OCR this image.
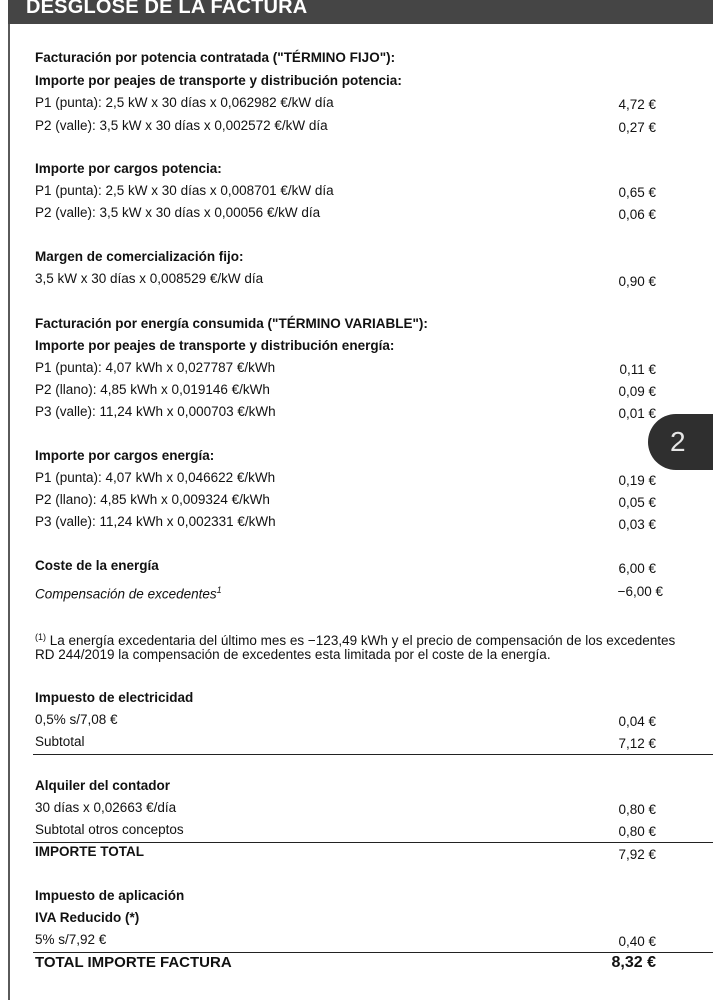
DESGLOSE DE LA FACTURA
Facturación por potencia contratada ("TÉRMINO FIJO"):
Importe por peajes de transporte y distribución potencia:
P1 (punta): 2,5 kW x 30 días x 0,062982 €/kW día	4,72 €
P2 (valle): 3,5 kW x 30 días x 0,002572 €/kW día	0,27 €
Importe por cargos potencia:
P1 (punta): 2,5 kW x 30 días x 0,008701 €/kW día	0,65 €
P2 (valle): 3,5 kW x 30 días x 0,00056 €/kW día	0,06 €
Margen de comercialización fijo:
3,5 kW x 30 días x 0,008529 €/kW día	0,90 €
Facturación por energía consumida ("TÉRMINO VARIABLE"):
Importe por peajes de transporte y distribución energía:
P1 (punta): 4,07 kWh x 0,027787 €/kWh	0,11 €
P2 (llano): 4,85 kWh x 0,019146 €/kWh	0,09 €
P3 (valle): 11,24 kWh x 0,000703 €/kWh	0,01 €
Importe por cargos energía:
P1 (punta): 4,07 kWh x 0,046622 €/kWh	0,19 €
P2 (llano): 4,85 kWh x 0,009324 €/kWh	0,05 €
P3 (valle): 11,24 kWh x 0,002331 €/kWh	0,03 €
Coste de la energía	6,00 €
Compensación de excedentes$^1$	−6,00 €
$^{(1)}$ La energía excedentaria del último mes es −123,49 kWh y el precio de compensación de los excedentes
RD 244/2019 la compensación de excedentes esta limitada por el coste de la energía.
Impuesto de electricidad
0,5% s/7,08 €	0,04 €
Subtotal	7,12 €
Alquiler del contador
30 días x 0,02663 €/día	0,80 €
Subtotal otros conceptos	0,80 €
IMPORTE TOTAL	7,92 €
Impuesto de aplicación
IVA Reducido (*)
5% s/7,92 €	0,40 €
TOTAL IMPORTE FACTURA	8,32 €
2
